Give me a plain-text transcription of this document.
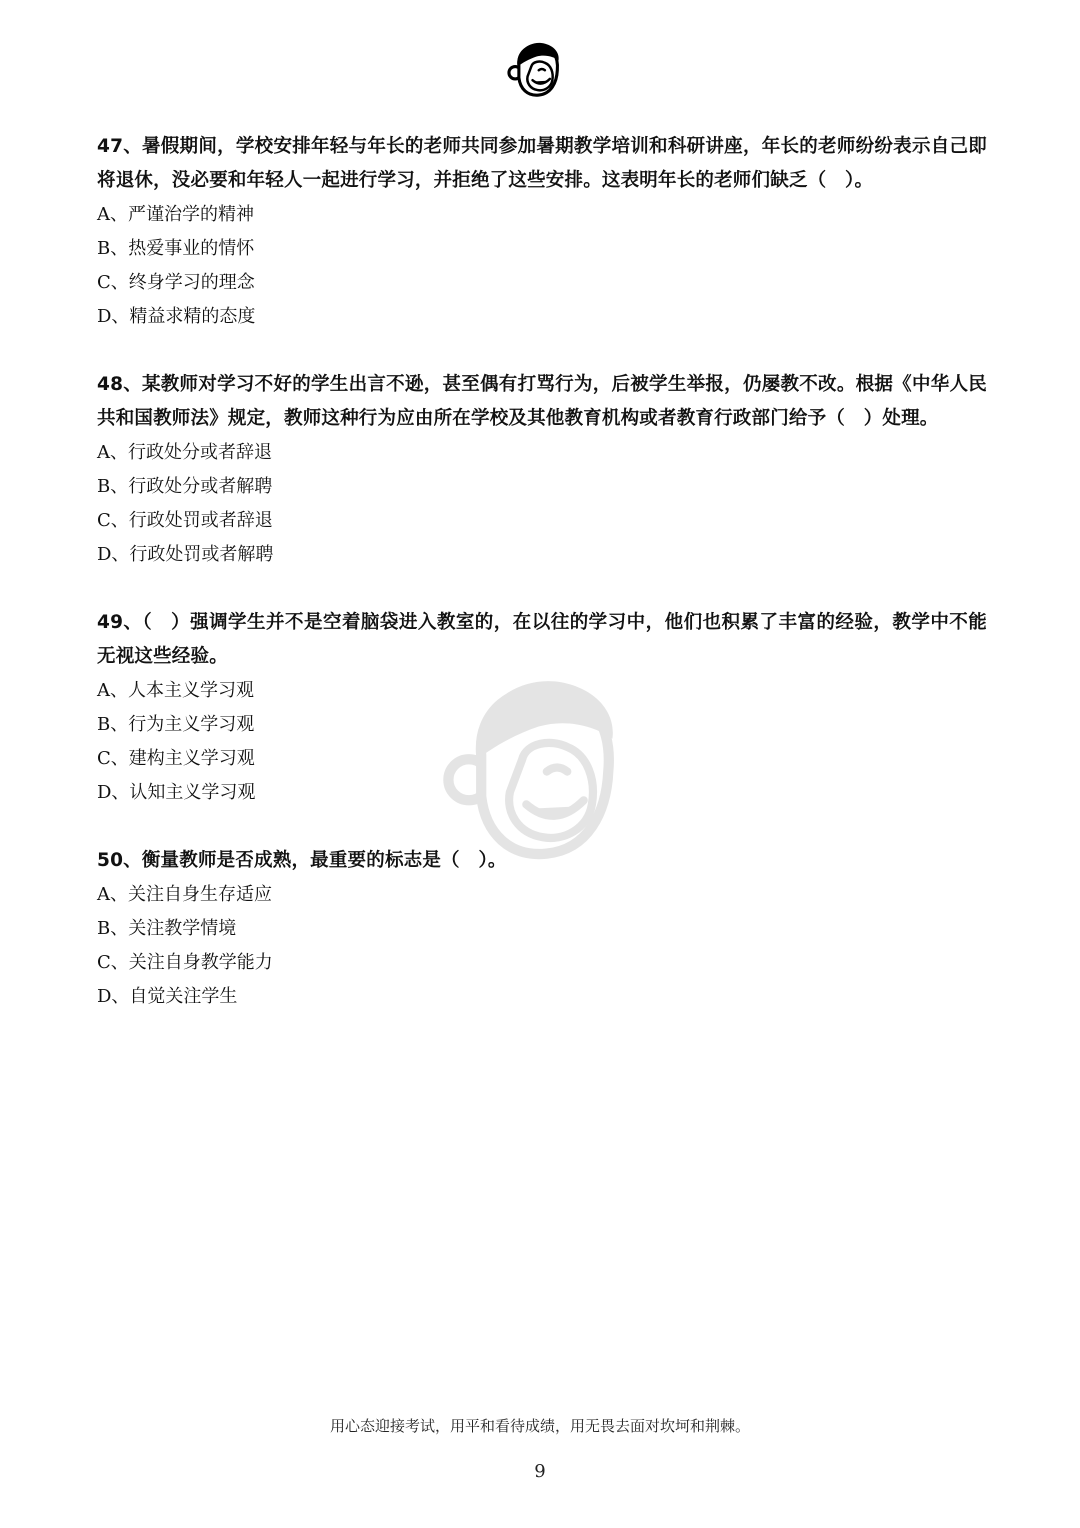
47、暑假期间，学校安排年轻与年长的老师共同参加暑期教学培训和科研讲座，年长的老师纷纷表示自己即将退休，没必要和年轻人一起进行学习，并拒绝了这些安排。这表明年长的老师们缺乏（　）。

A、严谨治学的精神
B、热爱事业的情怀
C、终身学习的理念
D、精益求精的态度

48、某教师对学习不好的学生出言不逊，甚至偶有打骂行为，后被学生举报，仍屡教不改。根据《中华人民共和国教师法》规定，教师这种行为应由所在学校及其他教育机构或者教育行政部门给予（　）处理。

A、行政处分或者辞退
B、行政处分或者解聘
C、行政处罚或者辞退
D、行政处罚或者解聘

49、（　）强调学生并不是空着脑袋进入教室的，在以往的学习中，他们也积累了丰富的经验，教学中不能无视这些经验。

A、人本主义学习观
B、行为主义学习观
C、建构主义学习观
D、认知主义学习观

50、衡量教师是否成熟，最重要的标志是（　）。

A、关注自身生存适应
B、关注教学情境
C、关注自身教学能力
D、自觉关注学生
用心态迎接考试，用平和看待成绩，用无畏去面对坎坷和荆棘。
9
